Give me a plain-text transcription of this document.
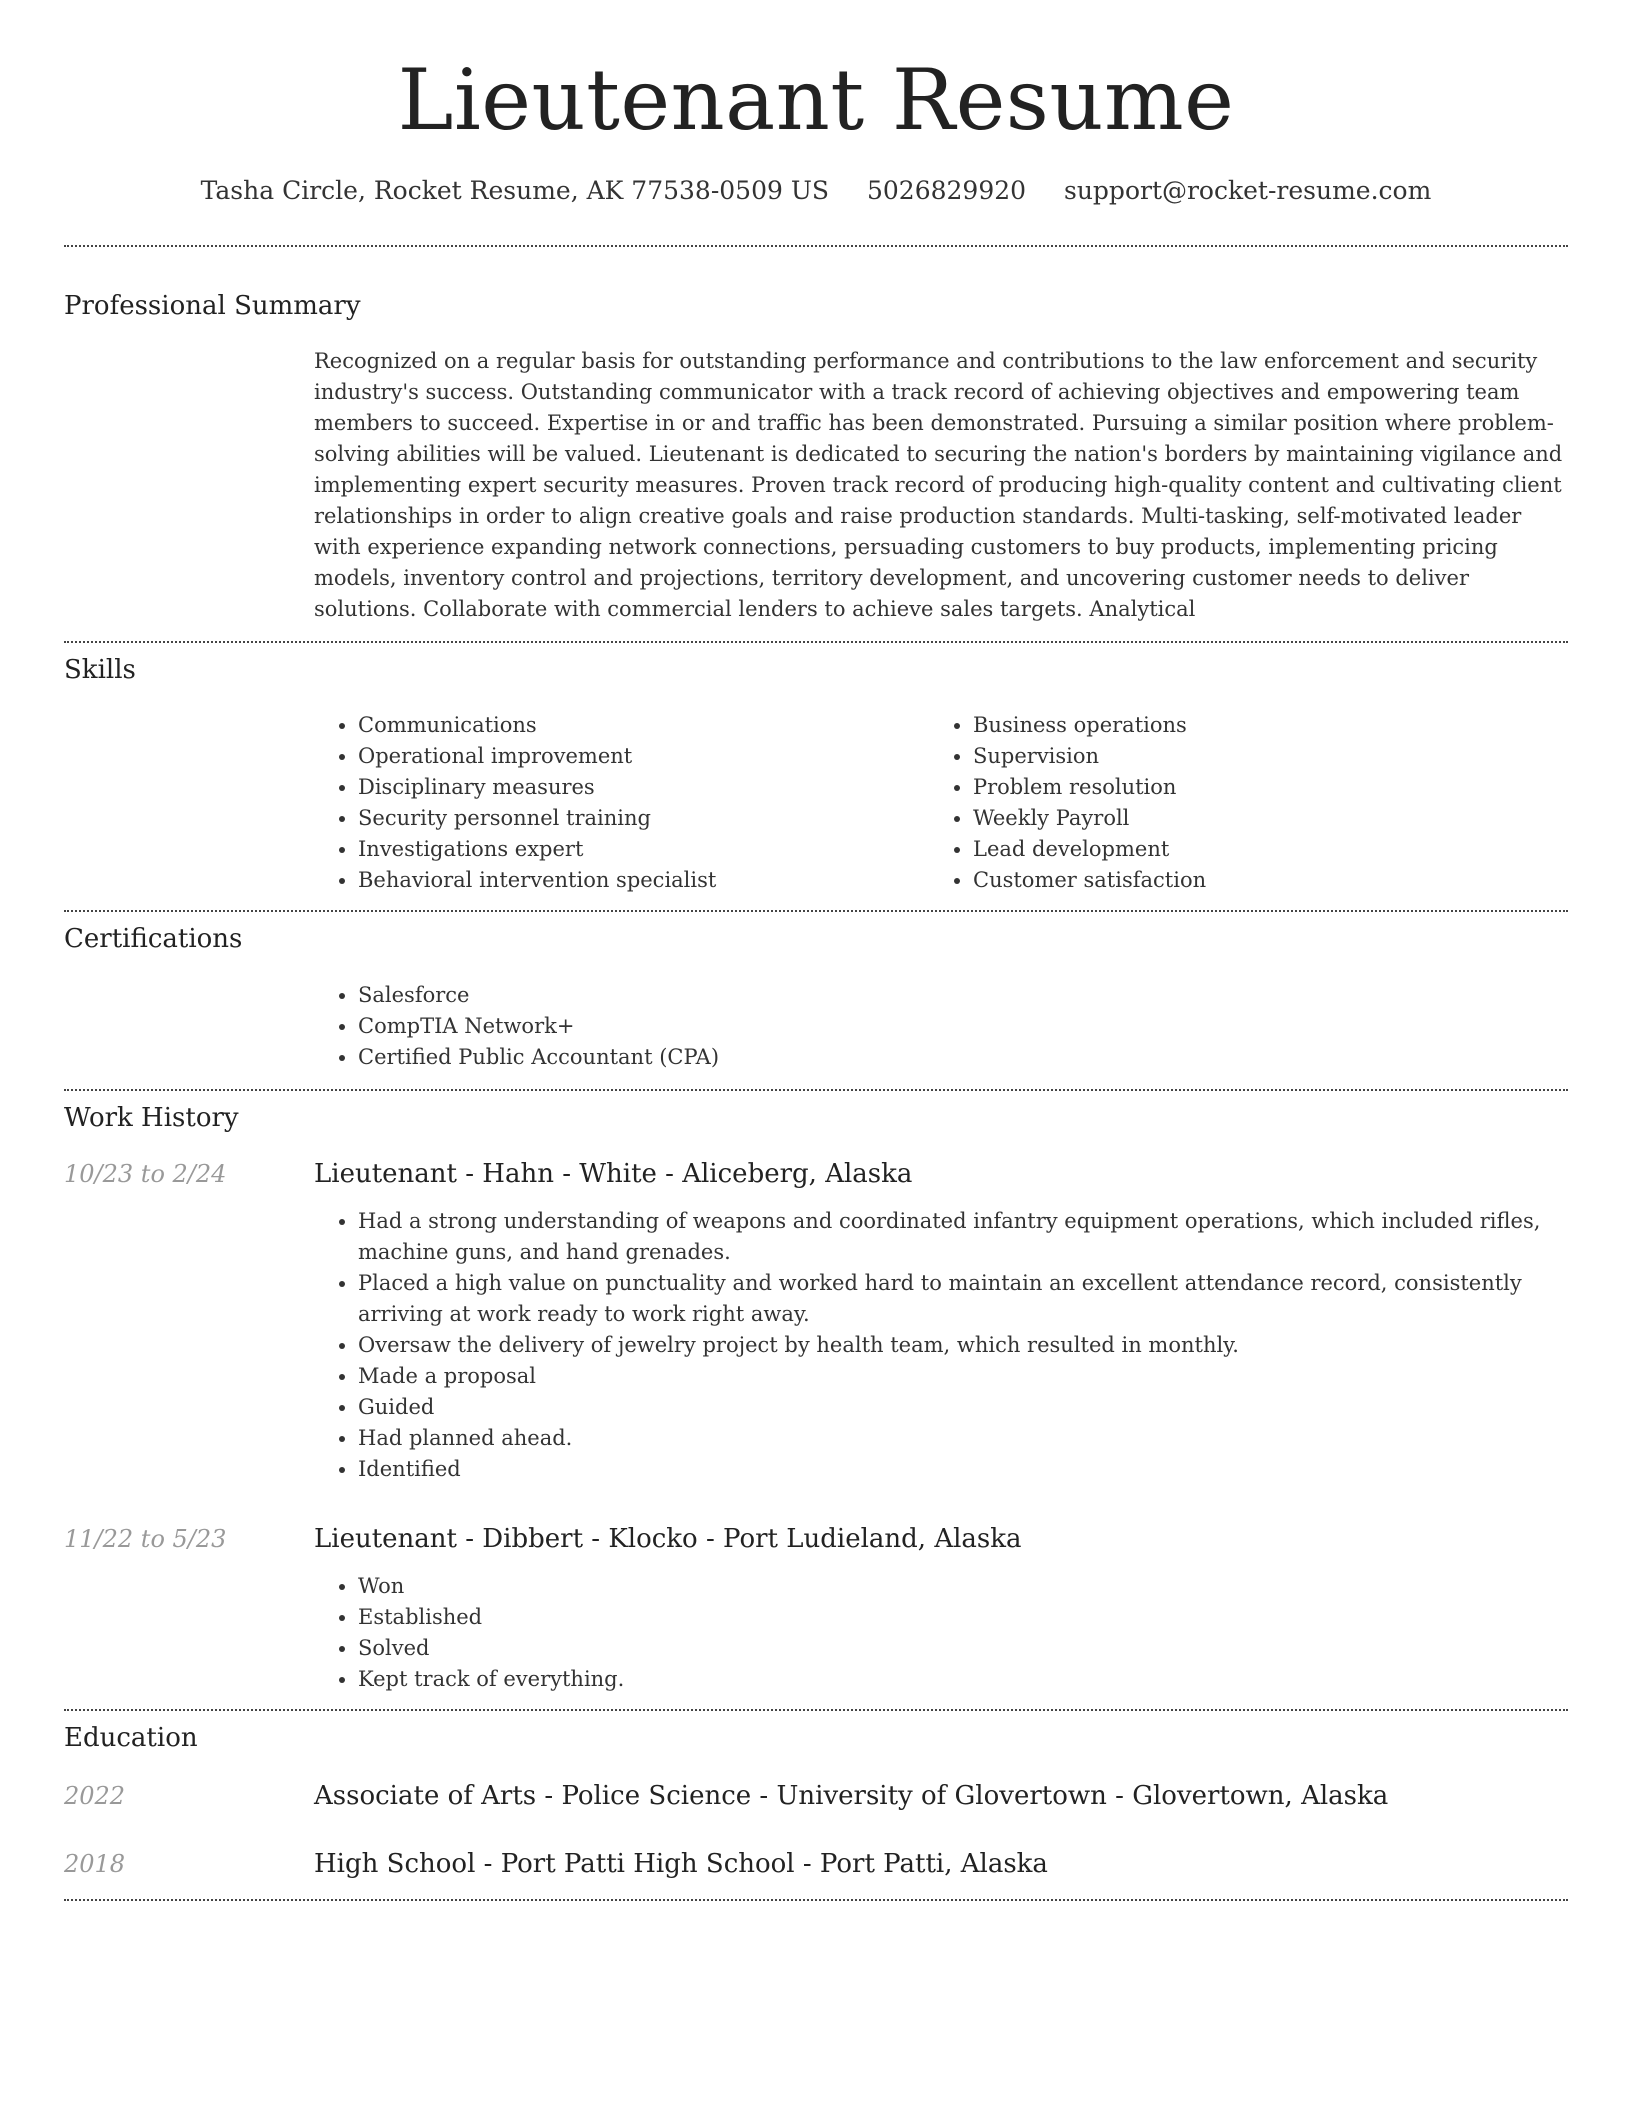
Lieutenant Resume
Tasha Circle, Rocket Resume, AK 77538-0509 US 5026829920 support@rocket-resume.com
Professional Summary

Recognized on a regular basis for outstanding performance and contributions to the law enforcement and security industry's success. Outstanding communicator with a track record of achieving objectives and empowering team members to succeed. Expertise in or and traffic has been demonstrated. Pursuing a similar position where problem-solving abilities will be valued. Lieutenant is dedicated to securing the nation's borders by maintaining vigilance and implementing expert security measures. Proven track record of producing high-quality content and cultivating client relationships in order to align creative goals and raise production standards. Multi-tasking, self-motivated leader with experience expanding network connections, persuading customers to buy products, implementing pricing models, inventory control and projections, territory development, and uncovering customer needs to deliver solutions. Collaborate with commercial lenders to achieve sales targets. Analytical

Skills
• Communications
• Operational improvement
• Disciplinary measures
• Security personnel training
• Investigations expert
• Behavioral intervention specialist
• Business operations
• Supervision
• Problem resolution
• Weekly Payroll
• Lead development
• Customer satisfaction
Certifications
• Salesforce
• CompTIA Network+
• Certified Public Accountant (CPA)
Work History
10/23 to 2/24	Lieutenant - Hahn - White - Aliceberg, Alaska
• Had a strong understanding of weapons and coordinated infantry equipment operations, which included rifles, machine guns, and hand grenades.
• Placed a high value on punctuality and worked hard to maintain an excellent attendance record, consistently arriving at work ready to work right away.
• Oversaw the delivery of jewelry project by health team, which resulted in monthly.
• Made a proposal
• Guided
• Had planned ahead.
• Identified
11/22 to 5/23	Lieutenant - Dibbert - Klocko - Port Ludieland, Alaska
• Won
• Established
• Solved
• Kept track of everything.
Education
2022	Associate of Arts - Police Science - University of Glovertown - Glovertown, Alaska
2018	High School - Port Patti High School - Port Patti, Alaska
